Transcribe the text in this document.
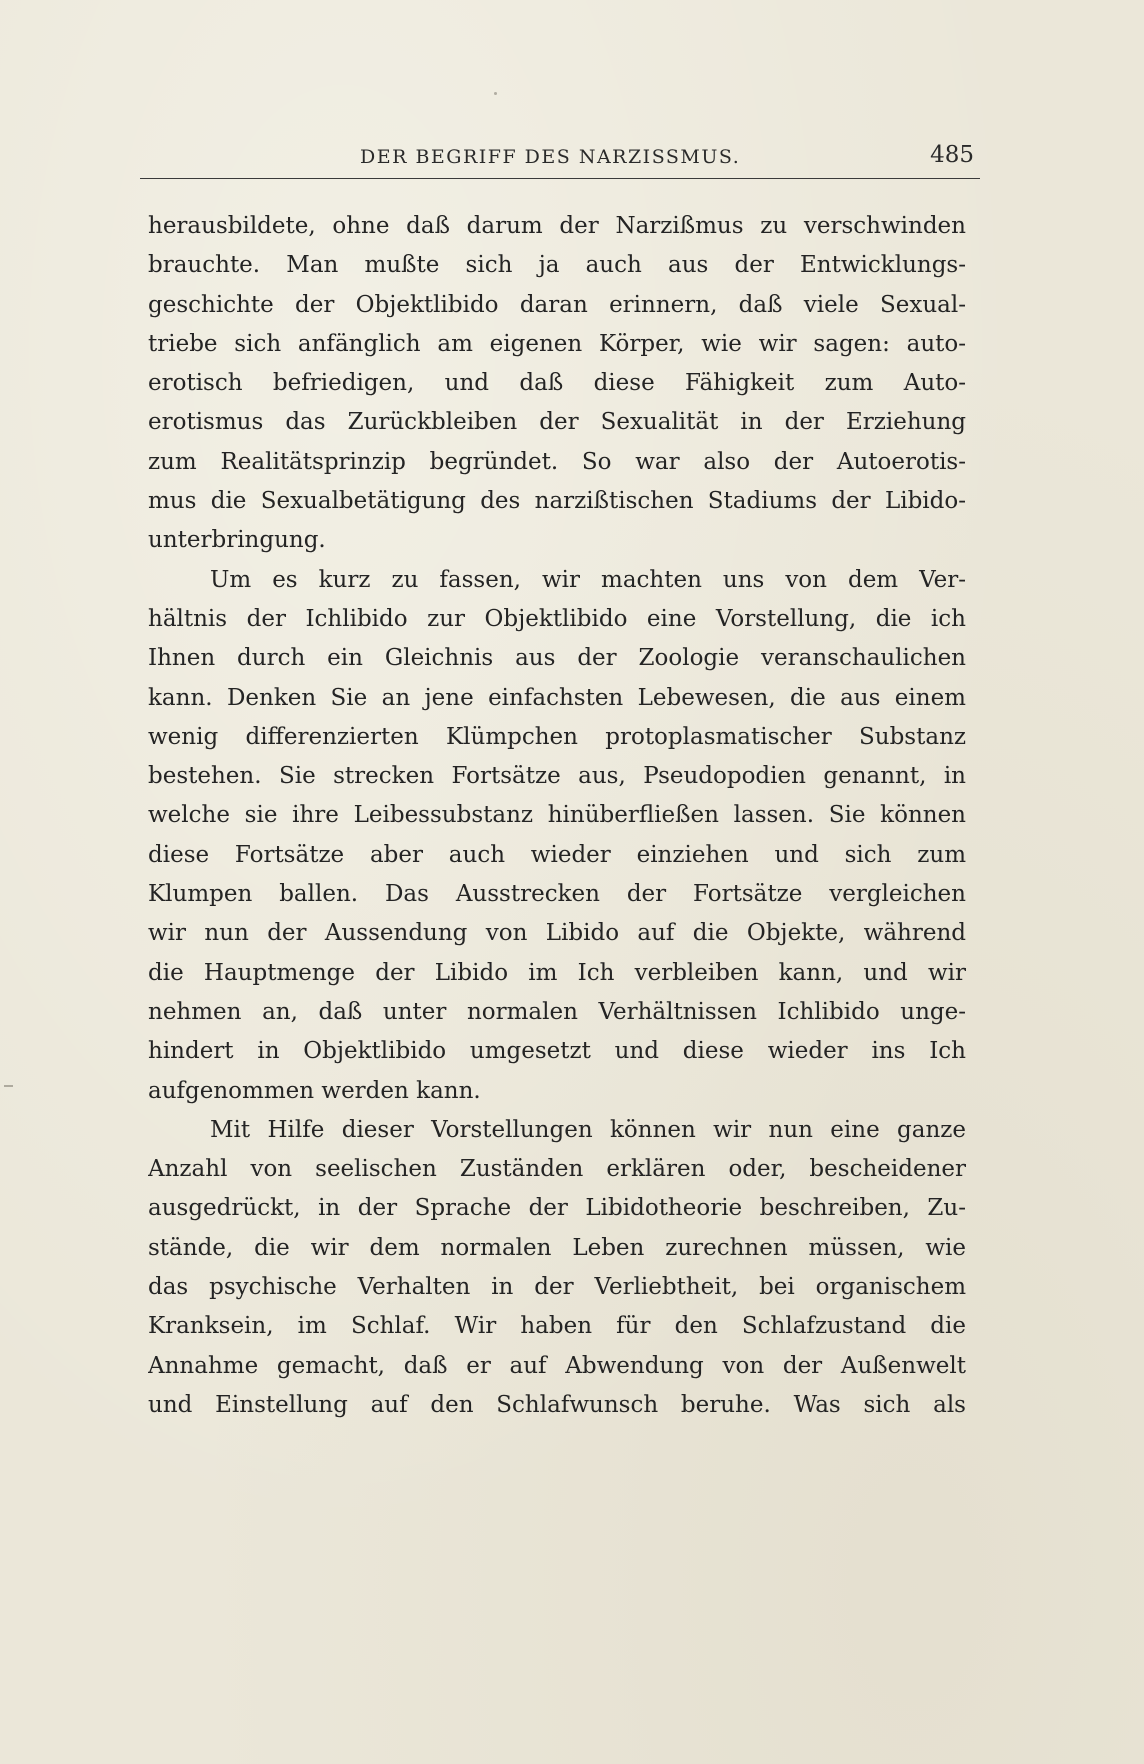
DER BEGRIFF DES NARZISSMUS.	485
herausbildete, ohne daß darum der Narzißmus zu verschwinden
brauchte. Man mußte sich ja auch aus der Entwicklungs-
geschichte der Objektlibido daran erinnern, daß viele Sexual-
triebe sich anfänglich am eigenen Körper, wie wir sagen: auto-
erotisch befriedigen, und daß diese Fähigkeit zum Auto-
erotismus das Zurückbleiben der Sexualität in der Erziehung
zum Realitätsprinzip begründet. So war also der Autoerotis-
mus die Sexualbetätigung des narzißtischen Stadiums der Libido-
unterbringung.
Um es kurz zu fassen, wir machten uns von dem Ver-
hältnis der Ichlibido zur Objektlibido eine Vorstellung, die ich
Ihnen durch ein Gleichnis aus der Zoologie veranschaulichen
kann. Denken Sie an jene einfachsten Lebewesen, die aus einem
wenig differenzierten Klümpchen protoplasmatischer Substanz
bestehen. Sie strecken Fortsätze aus, Pseudopodien genannt, in
welche sie ihre Leibessubstanz hinüberfließen lassen. Sie können
diese Fortsätze aber auch wieder einziehen und sich zum
Klumpen ballen. Das Ausstrecken der Fortsätze vergleichen
wir nun der Aussendung von Libido auf die Objekte, während
die Hauptmenge der Libido im Ich verbleiben kann, und wir
nehmen an, daß unter normalen Verhältnissen Ichlibido unge-
hindert in Objektlibido umgesetzt und diese wieder ins Ich
aufgenommen werden kann.
Mit Hilfe dieser Vorstellungen können wir nun eine ganze
Anzahl von seelischen Zuständen erklären oder, bescheidener
ausgedrückt, in der Sprache der Libidotheorie beschreiben, Zu-
stände, die wir dem normalen Leben zurechnen müssen, wie
das psychische Verhalten in der Verliebtheit, bei organischem
Kranksein, im Schlaf. Wir haben für den Schlafzustand die
Annahme gemacht, daß er auf Abwendung von der Außenwelt
und Einstellung auf den Schlafwunsch beruhe. Was sich als
